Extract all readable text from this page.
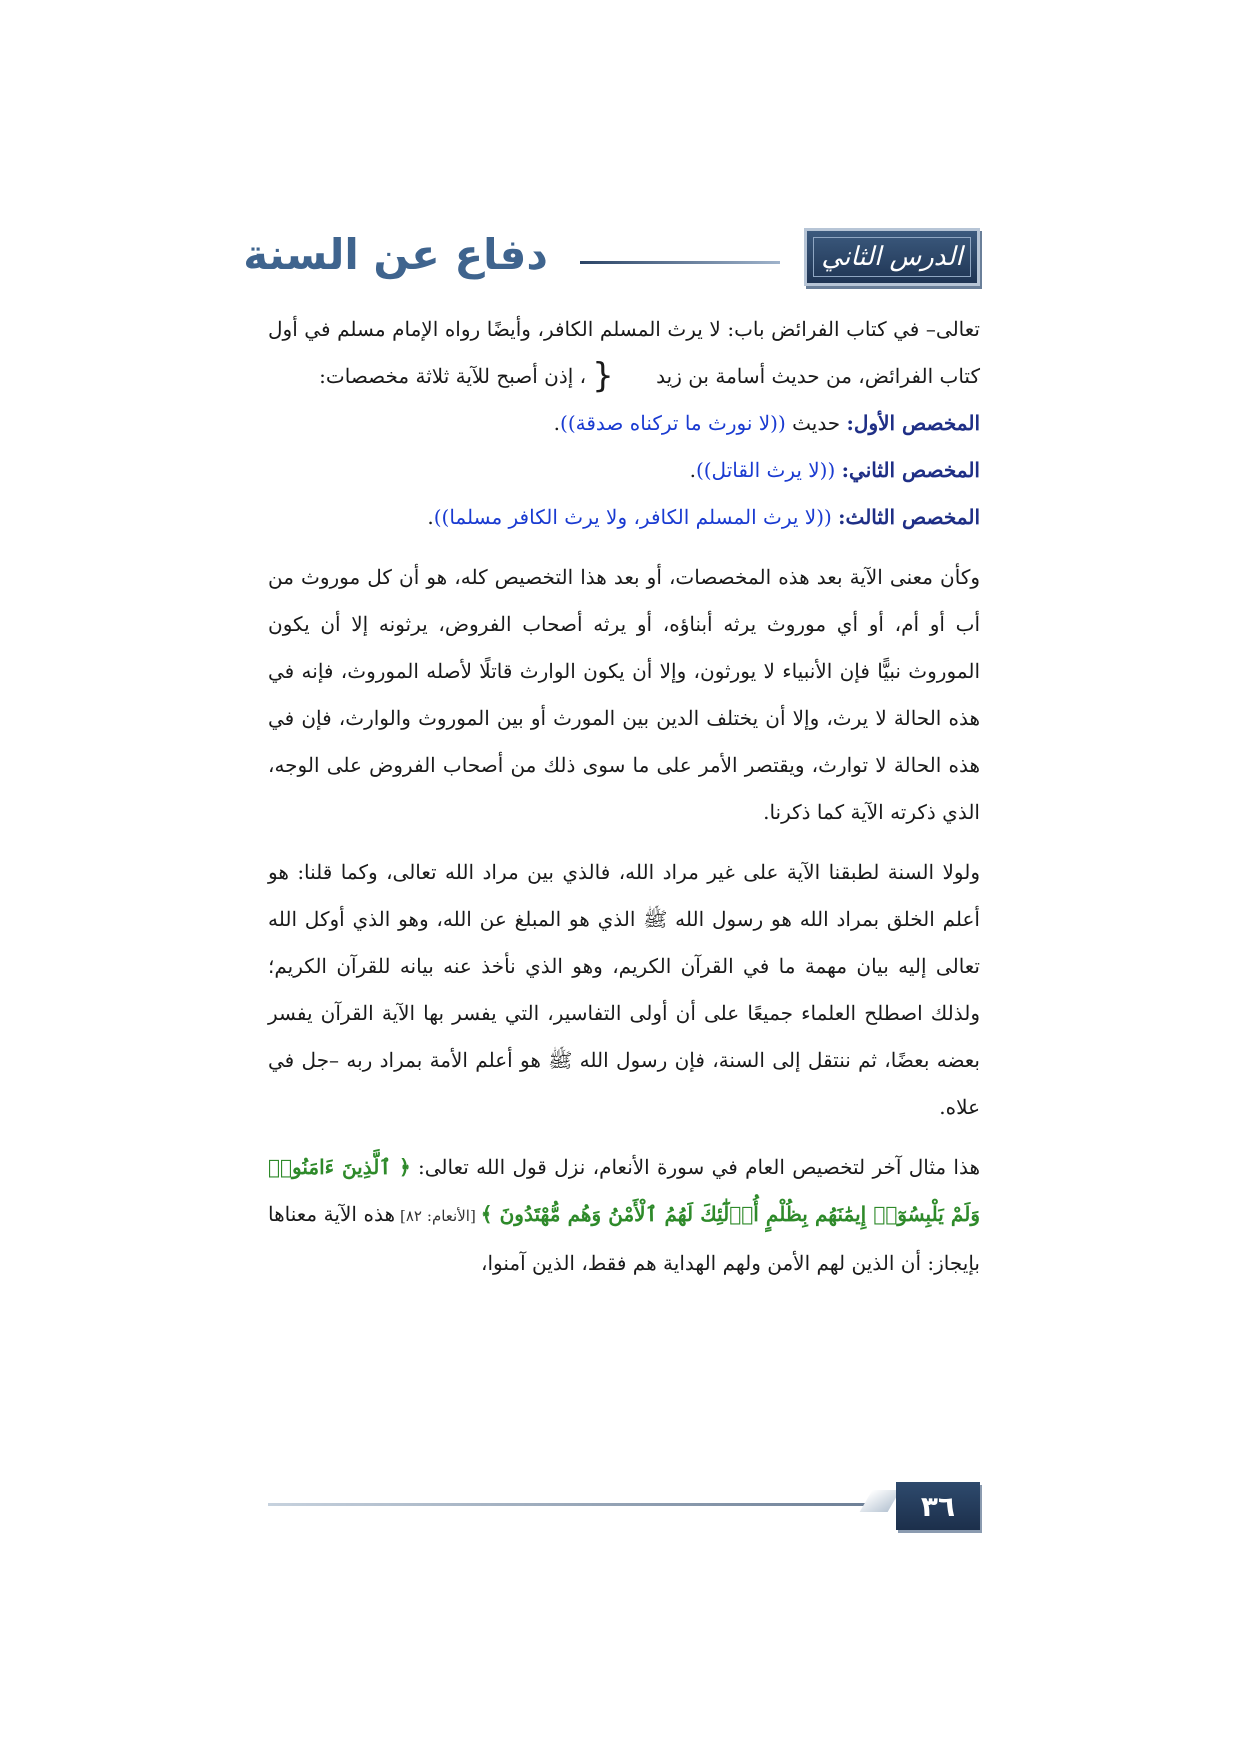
الدرس الثاني
دفاع عن السنة

تعالى– في كتاب الفرائض باب: لا يرث المسلم الكافر، وأيضًا رواه الإمام مسلم في أول كتاب الفرائض، من حديث أسامة بن زيد {، إذن أصبح للآية ثلاثة مخصصات:

المخصص الأول: حديث ((لا نورث ما تركناه صدقة)).

المخصص الثاني: ((لا يرث القاتل)).

المخصص الثالث: ((لا يرث المسلم الكافر، ولا يرث الكافر مسلما)).

وكأن معنى الآية بعد هذه المخصصات، أو بعد هذا التخصيص كله، هو أن كل موروث من أب أو أم، أو أي موروث يرثه أبناؤه، أو يرثه أصحاب الفروض، يرثونه إلا أن يكون الموروث نبيًّا فإن الأنبياء لا يورثون، وإلا أن يكون الوارث قاتلًا لأصله الموروث، فإنه في هذه الحالة لا يرث، وإلا أن يختلف الدين بين المورث أو بين الموروث والوارث، فإن في هذه الحالة لا توارث، ويقتصر الأمر على ما سوى ذلك من أصحاب الفروض على الوجه، الذي ذكرته الآية كما ذكرنا.

ولولا السنة لطبقنا الآية على غير مراد الله، فالذي بين مراد الله تعالى، وكما قلنا: هو أعلم الخلق بمراد الله هو رسول الله ﷺ الذي هو المبلغ عن الله، وهو الذي أوكل الله تعالى إليه بيان مهمة ما في القرآن الكريم، وهو الذي نأخذ عنه بيانه للقرآن الكريم؛ ولذلك اصطلح العلماء جميعًا على أن أولى التفاسير، التي يفسر بها الآية القرآن يفسر بعضه بعضًا، ثم ننتقل إلى السنة، فإن رسول الله ﷺ هو أعلم الأمة بمراد ربه –جل في علاه.

هذا مثال آخر لتخصيص العام في سورة الأنعام، نزل قول الله تعالى: ﴿ ٱلَّذِينَ ءَامَنُوا۟ وَلَمْ يَلْبِسُوٓا۟ إِيمَٰنَهُم بِظُلْمٍ أُو۟لَٰٓئِكَ لَهُمُ ٱلْأَمْنُ وَهُم مُّهْتَدُونَ ﴾ [الأنعام: ٨٢] هذه الآية معناها بإيجاز: أن الذين لهم الأمن ولهم الهداية هم فقط، الذين آمنوا،

٣٦
